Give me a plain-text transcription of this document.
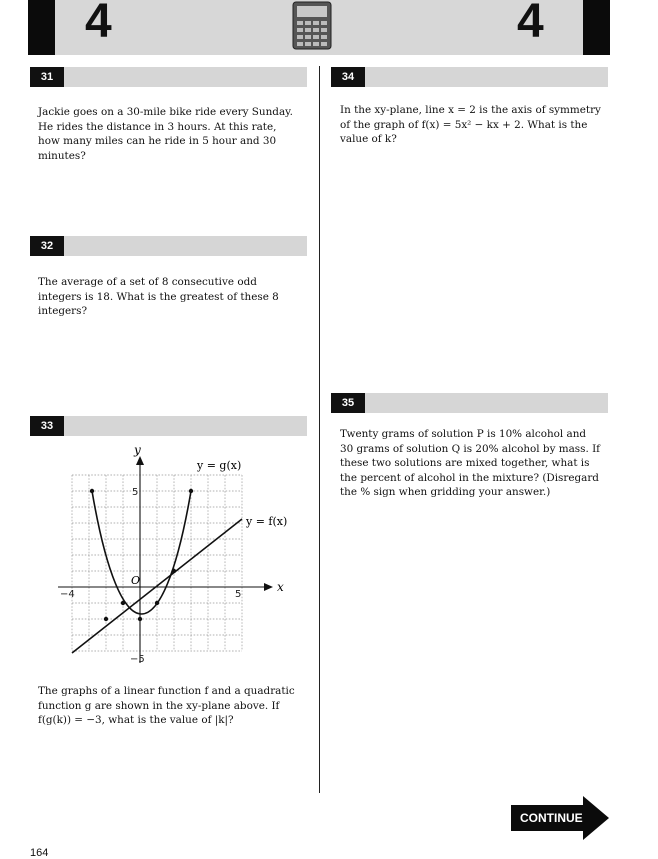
4	4
31
Jackie goes on a 30-mile bike ride every Sunday. He rides the distance in 3 hours. At this rate, how many miles can he ride in 5 hour and 30 minutes?
32
The average of a set of 8 consecutive odd integers is 18. What is the greatest of these 8 integers?
33
y
x
5
−5
5
−4
O
y = g(x)
y = f(x)
The graphs of a linear function f and a quadratic function g are shown in the xy-plane above. If f(g(k)) = −3, what is the value of |k|?
34
In the xy-plane, line x = 2 is the axis of symmetry of the graph of f(x) = 5x² − kx + 2. What is the value of k?
35
Twenty grams of solution P is 10% alcohol and 30 grams of solution Q is 20% alcohol by mass. If these two solutions are mixed together, what is the percent of alcohol in the mixture? (Disregard the % sign when gridding your answer.)
CONTINUE
164
